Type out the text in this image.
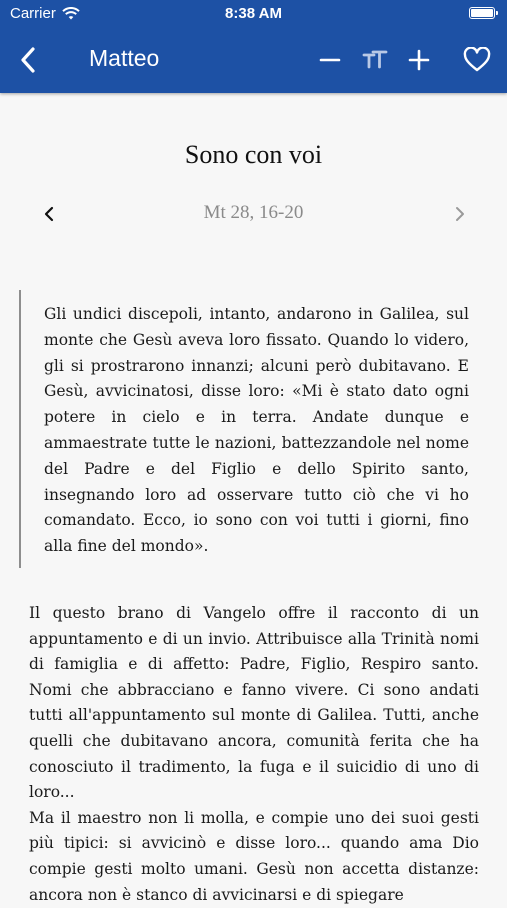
Carrier	8:38 AM
Matteo
Sono con voi
Mt 28, 16-20

Gli undici discepoli, intanto, andarono in Galilea, sul monte che Gesù aveva loro fissato. Quando lo videro, gli si prostrarono innanzi; alcuni però dubitavano. E Gesù, avvicinatosi, disse loro: «Mi è stato dato ogni potere in cielo e in terra. Andate dunque e ammaestrate tutte le nazioni, battezzandole nel nome del Padre e del Figlio e dello Spirito santo, insegnando loro ad osservare tutto ciò che vi ho comandato. Ecco, io sono con voi tutti i giorni, fino alla fine del mondo».

Il questo brano di Vangelo offre il racconto di un appuntamento e di un invio. Attribuisce alla Trinità nomi di famiglia e di affetto: Padre, Figlio, Respiro santo. Nomi che abbracciano e fanno vivere. Ci sono andati tutti all'appuntamento sul monte di Galilea. Tutti, anche quelli che dubitavano ancora, comunità ferita che ha conosciuto il tradimento, la fuga e il suicidio di uno di loro...

Ma il maestro non li molla, e compie uno dei suoi gesti più tipici: si avvicinò e disse loro... quando ama Dio compie gesti molto umani. Gesù non accetta distanze: ancora non è stanco di avvicinarsi e di spiegare
